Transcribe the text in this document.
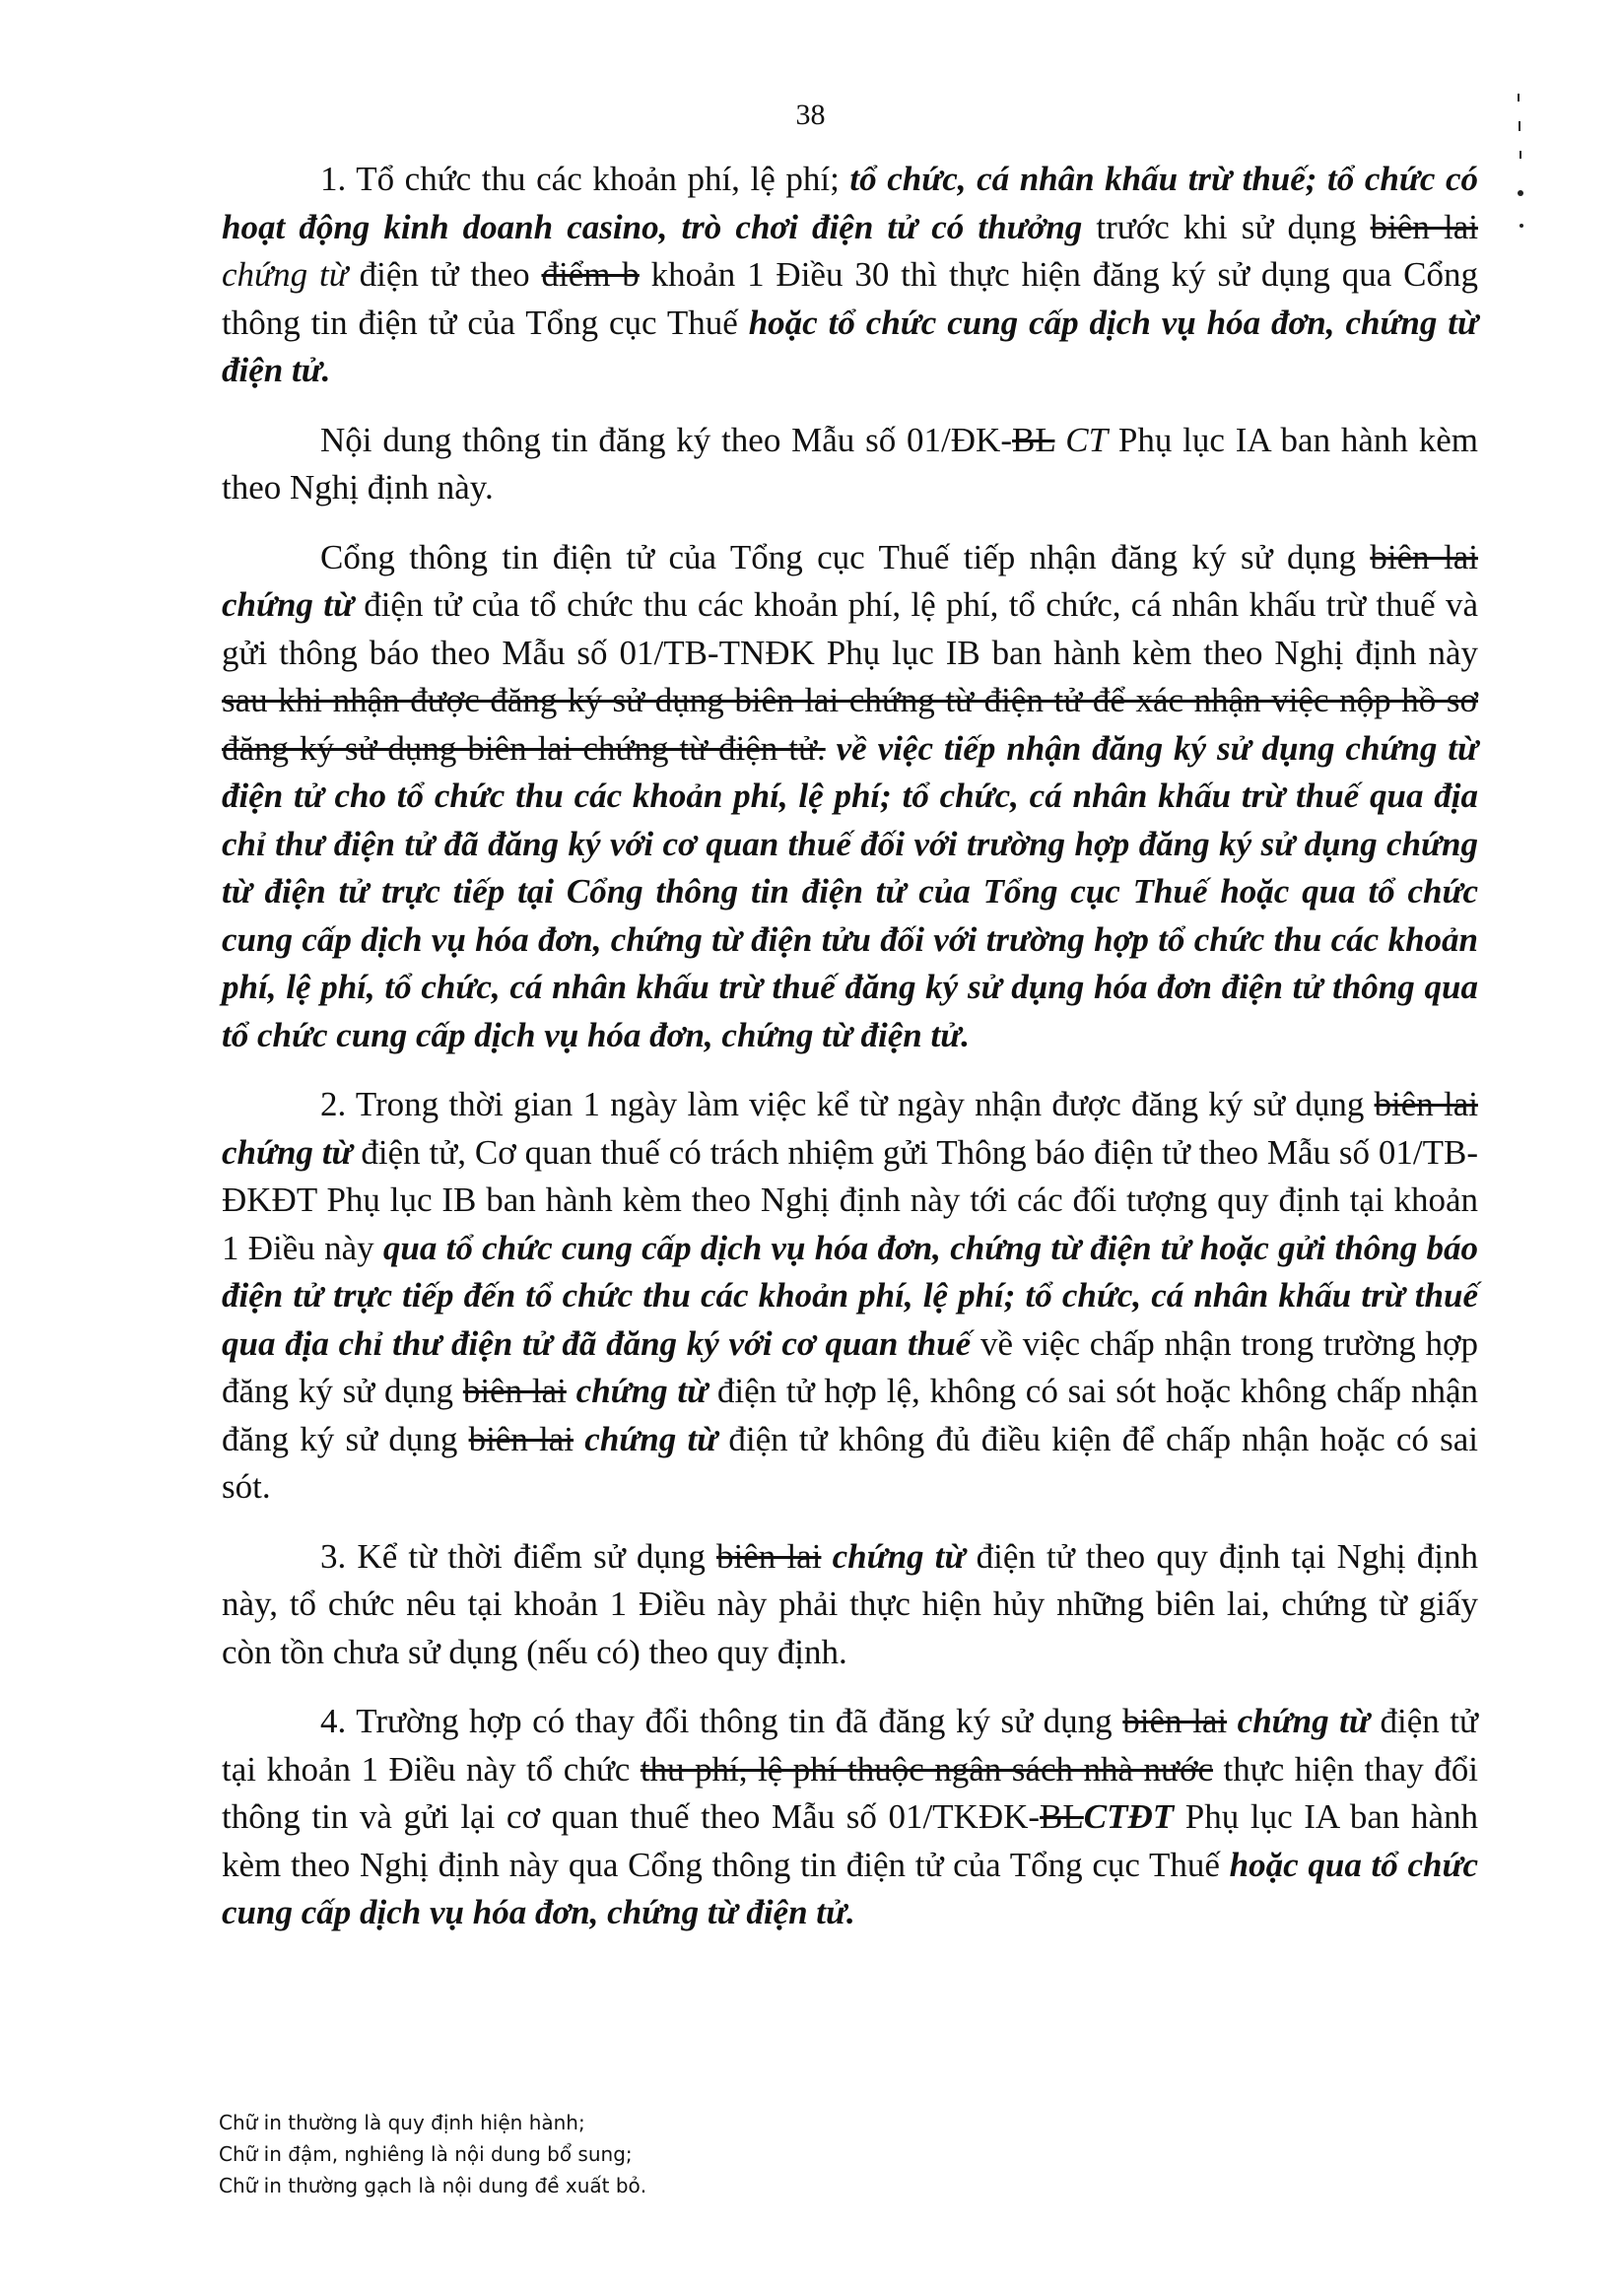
38

1. Tổ chức thu các khoản phí, lệ phí; tổ chức, cá nhân khấu trừ thuế; tổ chức có hoạt động kinh doanh casino, trò chơi điện tử có thưởng trước khi sử dụng biên lai chứng từ điện tử theo điểm b khoản 1 Điều 30 thì thực hiện đăng ký sử dụng qua Cổng thông tin điện tử của Tổng cục Thuế hoặc tổ chức cung cấp dịch vụ hóa đơn, chứng từ điện tử.

Nội dung thông tin đăng ký theo Mẫu số 01/ĐK-BL CT Phụ lục IA ban hành kèm theo Nghị định này.

Cổng thông tin điện tử của Tổng cục Thuế tiếp nhận đăng ký sử dụng biên lai chứng từ điện tử của tổ chức thu các khoản phí, lệ phí, tổ chức, cá nhân khấu trừ thuế và gửi thông báo theo Mẫu số 01/TB-TNĐK Phụ lục IB ban hành kèm theo Nghị định này sau khi nhận được đăng ký sử dụng biên lai chứng từ điện tử để xác nhận việc nộp hồ sơ đăng ký sử dụng biên lai chứng từ điện tử. về việc tiếp nhận đăng ký sử dụng chứng từ điện tử cho tổ chức thu các khoản phí, lệ phí; tổ chức, cá nhân khấu trừ thuế qua địa chỉ thư điện tử đã đăng ký với cơ quan thuế đối với trường hợp đăng ký sử dụng chứng từ điện tử trực tiếp tại Cổng thông tin điện tử của Tổng cục Thuế hoặc qua tổ chức cung cấp dịch vụ hóa đơn, chứng từ điện tửu đối với trường hợp tổ chức thu các khoản phí, lệ phí, tổ chức, cá nhân khấu trừ thuế đăng ký sử dụng hóa đơn điện tử thông qua tổ chức cung cấp dịch vụ hóa đơn, chứng từ điện tử.

2. Trong thời gian 1 ngày làm việc kể từ ngày nhận được đăng ký sử dụng biên lai chứng từ điện tử, Cơ quan thuế có trách nhiệm gửi Thông báo điện tử theo Mẫu số 01/TB-ĐKĐT Phụ lục IB ban hành kèm theo Nghị định này tới các đối tượng quy định tại khoản 1 Điều này qua tổ chức cung cấp dịch vụ hóa đơn, chứng từ điện tử hoặc gửi thông báo điện tử trực tiếp đến tổ chức thu các khoản phí, lệ phí; tổ chức, cá nhân khấu trừ thuế qua địa chỉ thư điện tử đã đăng ký với cơ quan thuế về việc chấp nhận trong trường hợp đăng ký sử dụng biên lai chứng từ điện tử hợp lệ, không có sai sót hoặc không chấp nhận đăng ký sử dụng biên lai chứng từ điện tử không đủ điều kiện để chấp nhận hoặc có sai sót.

3. Kể từ thời điểm sử dụng biên lai chứng từ điện tử theo quy định tại Nghị định này, tổ chức nêu tại khoản 1 Điều này phải thực hiện hủy những biên lai, chứng từ giấy còn tồn chưa sử dụng (nếu có) theo quy định.

4. Trường hợp có thay đổi thông tin đã đăng ký sử dụng biên lai chứng từ điện tử tại khoản 1 Điều này tổ chức thu phí, lệ phí thuộc ngân sách nhà nước thực hiện thay đổi thông tin và gửi lại cơ quan thuế theo Mẫu số 01/TKĐK-BLCTĐT Phụ lục IA ban hành kèm theo Nghị định này qua Cổng thông tin điện tử của Tổng cục Thuế hoặc qua tổ chức cung cấp dịch vụ hóa đơn, chứng từ điện tử.

Chữ in thường là quy định hiện hành;
Chữ in đậm, nghiêng là nội dung bổ sung;
Chữ in thường gạch là nội dung đề xuất bỏ.
